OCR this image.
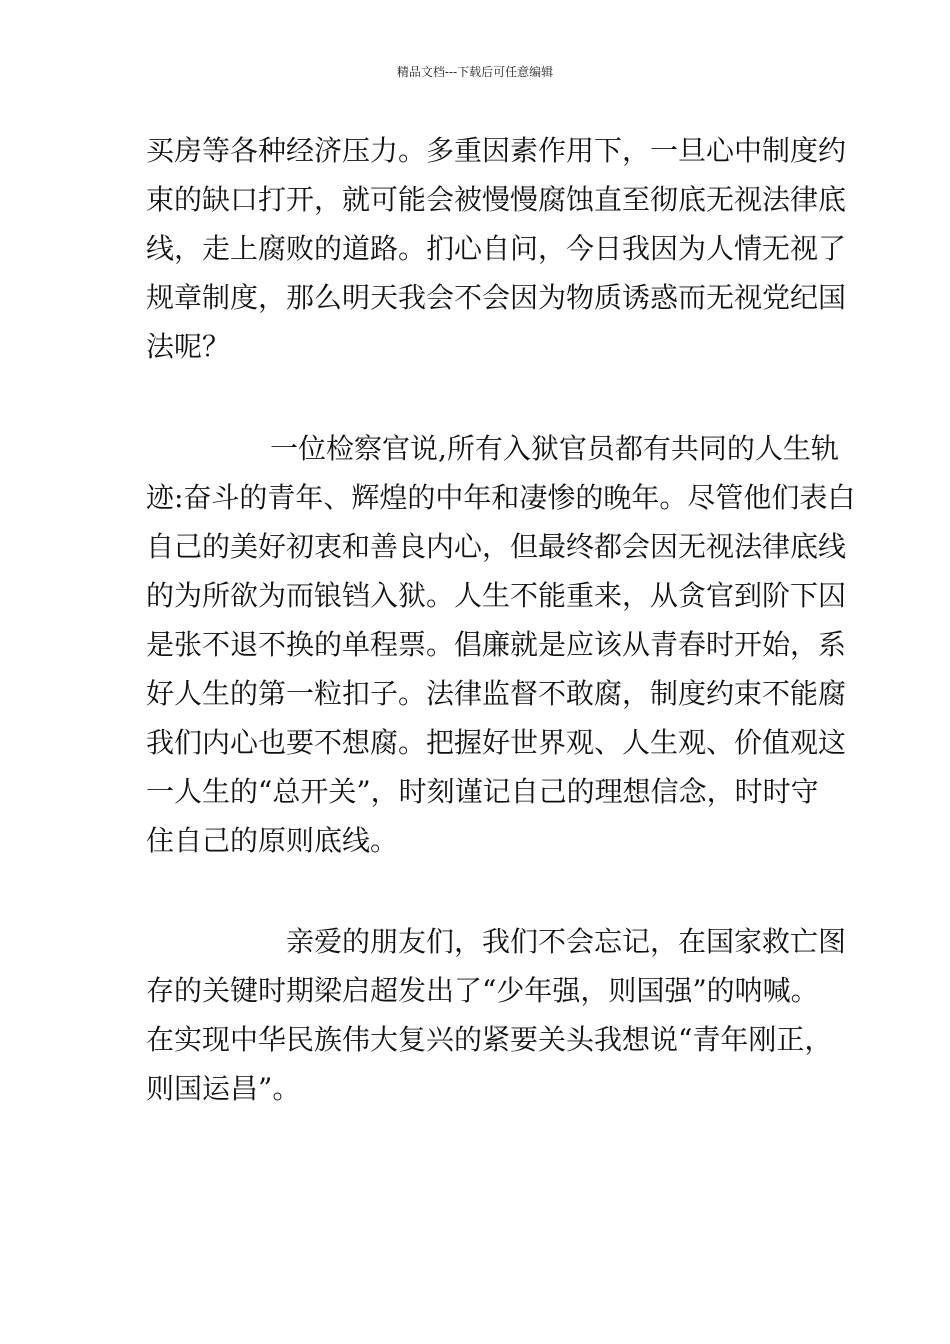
精品文档---下载后可任意编辑
买房等各种经济压力。多重因素作用下，一旦心中制度约
束的缺口打开，就可能会被慢慢腐蚀直至彻底无视法律底
线，走上腐败的道路。扪心自问，今日我因为人情无视了
规章制度，那么明天我会不会因为物质诱惑而无视党纪国
法呢？
一位检察官说,所有入狱官员都有共同的人生轨
迹:奋斗的青年、辉煌的中年和凄惨的晚年。尽管他们表白
自己的美好初衷和善良内心，但最终都会因无视法律底线
的为所欲为而锒铛入狱。人生不能重来，从贪官到阶下囚
是张不退不换的单程票。倡廉就是应该从青春时开始，系
好人生的第一粒扣子。法律监督不敢腐，制度约束不能腐
我们内心也要不想腐。把握好世界观、人生观、价值观这
一人生的“总开关”，时刻谨记自己的理想信念，时时守
住自己的原则底线。
亲爱的朋友们，我们不会忘记，在国家救亡图
存的关键时期梁启超发出了“少年强，则国强”的呐喊。
在实现中华民族伟大复兴的紧要关头我想说“青年刚正，
则国运昌”。
